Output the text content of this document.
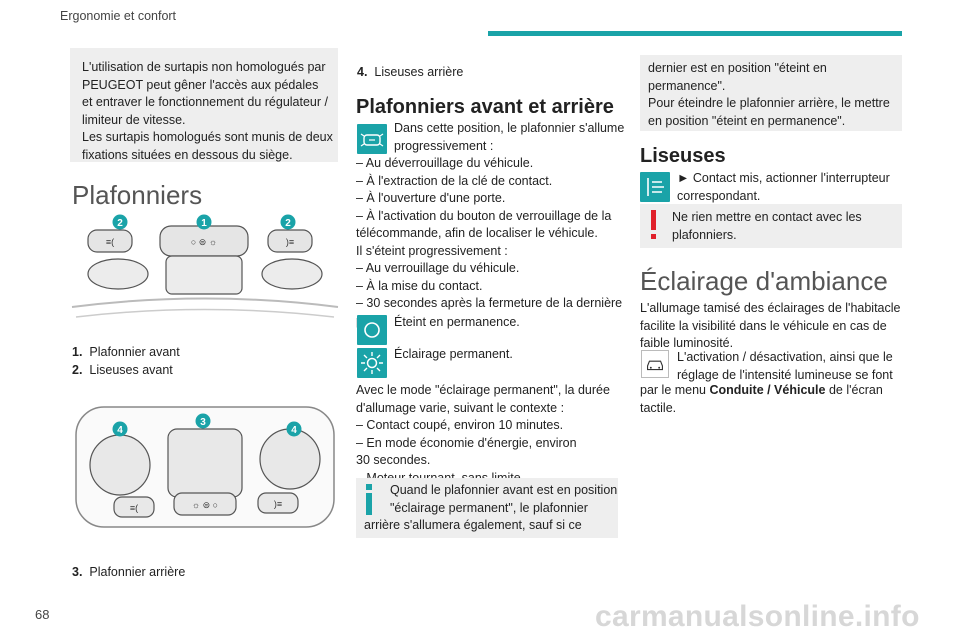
Ergonomie et confort
L'utilisation de surtapis non homologués par
PEUGEOT peut gêner l'accès aux pédales
et entraver le fonctionnement du régulateur /
limiteur de vitesse.
Les surtapis homologués sont munis de deux
fixations situées en dessous du siège.
Plafonniers
≡(	○ ⊜ ☼	)≡
2	1	2
1. Plafonnier avant
2. Liseuses avant
☼ ⊜ ○
≡(	)≡
4
3
4
3. Plafonnier arrière
4. Liseuses arrière
Plafonniers avant et arrière
Dans cette position, le plafonnier s'allume
progressivement :
– Au déverrouillage du véhicule.
– À l'extraction de la clé de contact.
– À l'ouverture d'une porte.
– À l'activation du bouton de verrouillage de la
télécommande, afin de localiser le véhicule.
Il s'éteint progressivement :
– Au verrouillage du véhicule.
– À la mise du contact.
– 30 secondes après la fermeture de la dernière
Éteint en permanence.
Éclairage permanent.
Avec le mode "éclairage permanent", la durée
d'allumage varie, suivant le contexte :
– Contact coupé, environ 10 minutes.
– En mode économie d'énergie, environ
30 secondes.
Quand le plafonnier avant est en position
"éclairage permanent", le plafonnier
arrière s'allumera également, sauf si ce
dernier est en position "éteint en
permanence".
Pour éteindre le plafonnier arrière, le mettre
en position "éteint en permanence".
Liseuses
► Contact mis, actionner l'interrupteur
correspondant.
Ne rien mettre en contact avec les
plafonniers.
Éclairage d'ambiance
L'allumage tamisé des éclairages de l'habitacle
facilite la visibilité dans le véhicule en cas de
faible luminosité.
L'activation / désactivation, ainsi que le
réglage de l'intensité lumineuse se font
par le menu Conduite / Véhicule de l'écran
tactile.
68	carmanualsonline.info
